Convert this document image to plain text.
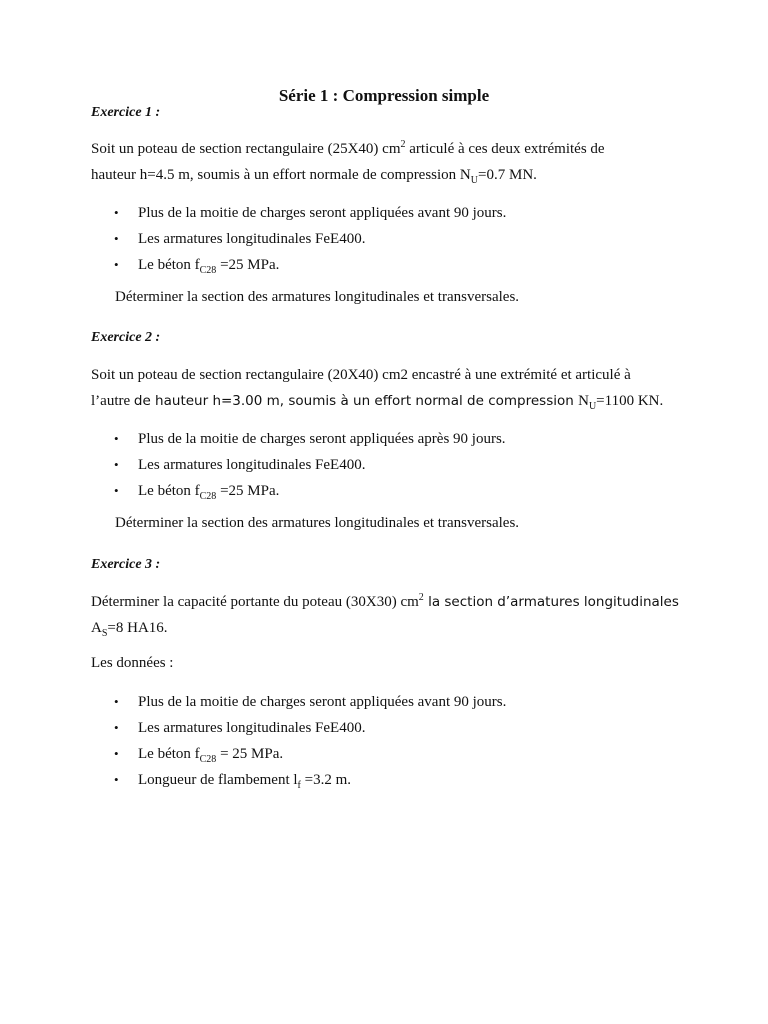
Série 1 : Compression simple
Exercice 1 :
Soit un poteau de section rectangulaire (25X40) $cm^2$ articulé à ces deux extrémités de
hauteur h=4.5 m, soumis à un effort normale de compression $N_U=0.7$ MN.
• Plus de la moitie de charges seront appliquées avant 90 jours.
• Les armatures longitudinales FeE400.
• Le béton $f_{C28} =25$ MPa.
Déterminer la section des armatures longitudinales et transversales.
Exercice 2 :
Soit un poteau de section rectangulaire (20X40) cm2 encastré à une extrémité et articulé à
l’autre de hauteur h=3.00 m, soumis à un effort normal de compression $N_U=1100$ KN.
• Plus de la moitie de charges seront appliquées après 90 jours.
• Les armatures longitudinales FeE400.
• Le béton $f_{C28} =25$ MPa.
Déterminer la section des armatures longitudinales et transversales.
Exercice 3 :
Déterminer la capacité portante du poteau (30X30) $cm^2$ la section d’armatures longitudinales
$A_S=8$ HA16.
Les données :
• Plus de la moitie de charges seront appliquées avant 90 jours.
• Les armatures longitudinales FeE400.
• Le béton $f_{C28} = 25$ MPa.
• Longueur de flambement $l_f =3.2$ m.
